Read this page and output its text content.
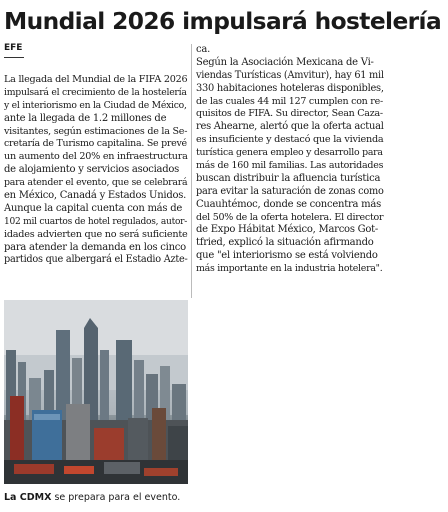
Mundial 2026 impulsará hostelería
EFE
La llegada del Mundial de la FIFA 2026
impulsará el crecimiento de la hostelería
y el interiorismo en la Ciudad de México,
ante la llegada de 1.2 millones de
visitantes, según estimaciones de la Se-
cretaría de Turismo capitalina. Se prevé
un aumento del 20% en infraestructura
de alojamiento y servicios asociados
para atender el evento, que se celebrará
en México, Canadá y Estados Unidos.
Aunque la capital cuenta con más de
102 mil cuartos de hotel regulados, autor-
idades advierten que no será suficiente
para atender la demanda en los cinco
partidos que albergará el Estadio Azte-
ca.
Según la Asociación Mexicana de Vi-
viendas Turísticas (Amvitur), hay 61 mil
330 habitaciones hoteleras disponibles,
de las cuales 44 mil 127 cumplen con re-
quisitos de FIFA. Su director, Sean Caza-
res Ahearne, alertó que la oferta actual
es insuficiente y destacó que la vivienda
turística genera empleo y desarrollo para
más de 160 mil familias. Las autoridades
buscan distribuir la afluencia turística
para evitar la saturación de zonas como
Cuauhtémoc, donde se concentra más
del 50% de la oferta hotelera. El director
de Expo Hábitat México, Marcos Got-
tfried, explicó la situación afirmando
que "el interiorismo se está volviendo
más importante en la industria hotelera".
La CDMX se prepara para el evento.
